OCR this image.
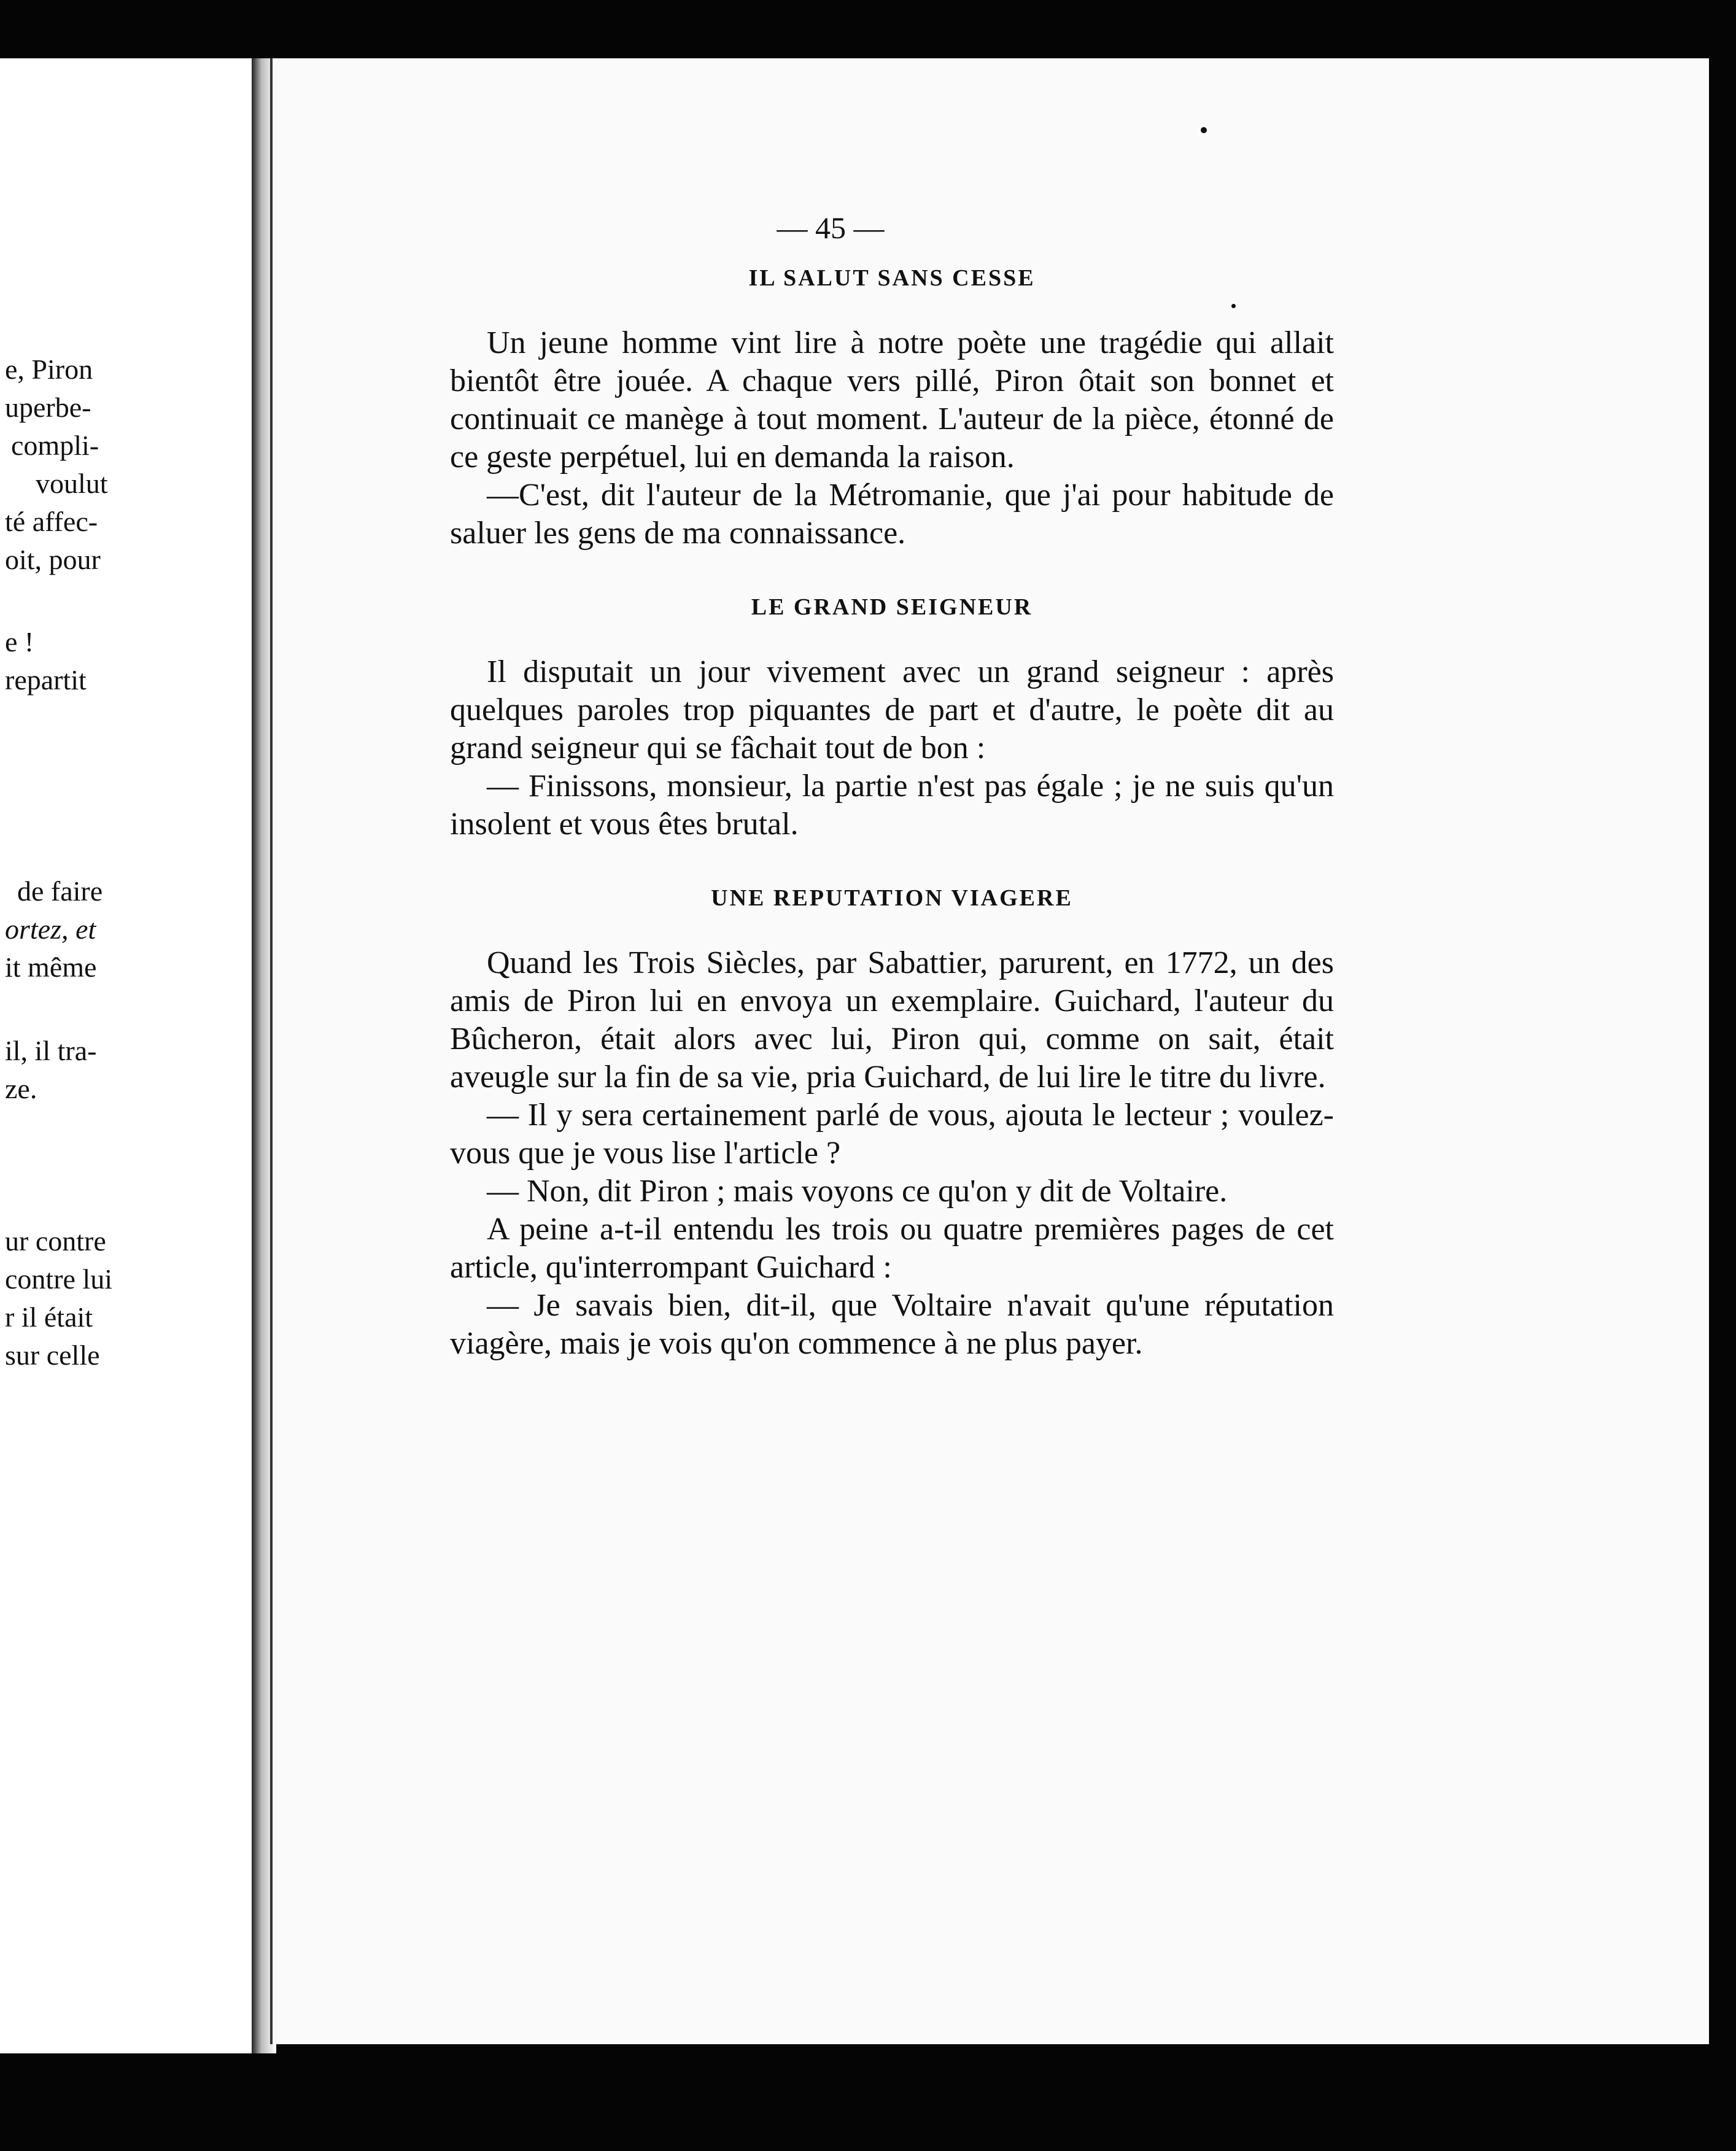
e, Piron
uperbe-
compli-
voulut
té affec-
oit, pour
e !
repartit
de faire
ortez, et
it même
il, il tra-
ze.
ur contre
contre lui
r il était
sur celle
— 45 —
IL SALUT SANS CESSE

Un jeune homme vint lire à notre poète une tragédie qui allait bientôt être jouée. A chaque vers pillé, Piron ôtait son bonnet et continuait ce manège à tout moment. L'auteur de la pièce, étonné de ce geste perpétuel, lui en demanda la raison.

—C'est, dit l'auteur de la Métromanie, que j'ai pour habitude de saluer les gens de ma connaissance.

LE GRAND SEIGNEUR

Il disputait un jour vivement avec un grand seigneur : après quelques paroles trop piquantes de part et d'autre, le poète dit au grand seigneur qui se fâchait tout de bon :

— Finissons, monsieur, la partie n'est pas égale ; je ne suis qu'un insolent et vous êtes brutal.

UNE REPUTATION VIAGERE

Quand les Trois Siècles, par Sabattier, parurent, en 1772, un des amis de Piron lui en envoya un exemplaire. Guichard, l'auteur du Bûcheron, était alors avec lui, Piron qui, comme on sait, était aveugle sur la fin de sa vie, pria Guichard, de lui lire le titre du livre.

— Il y sera certainement parlé de vous, ajouta le lecteur ; voulez-vous que je vous lise l'article ?

— Non, dit Piron ; mais voyons ce qu'on y dit de Voltaire.

A peine a-t-il entendu les trois ou quatre premières pages de cet article, qu'interrompant Guichard :

— Je savais bien, dit-il, que Voltaire n'avait qu'une réputation viagère, mais je vois qu'on commence à ne plus payer.
